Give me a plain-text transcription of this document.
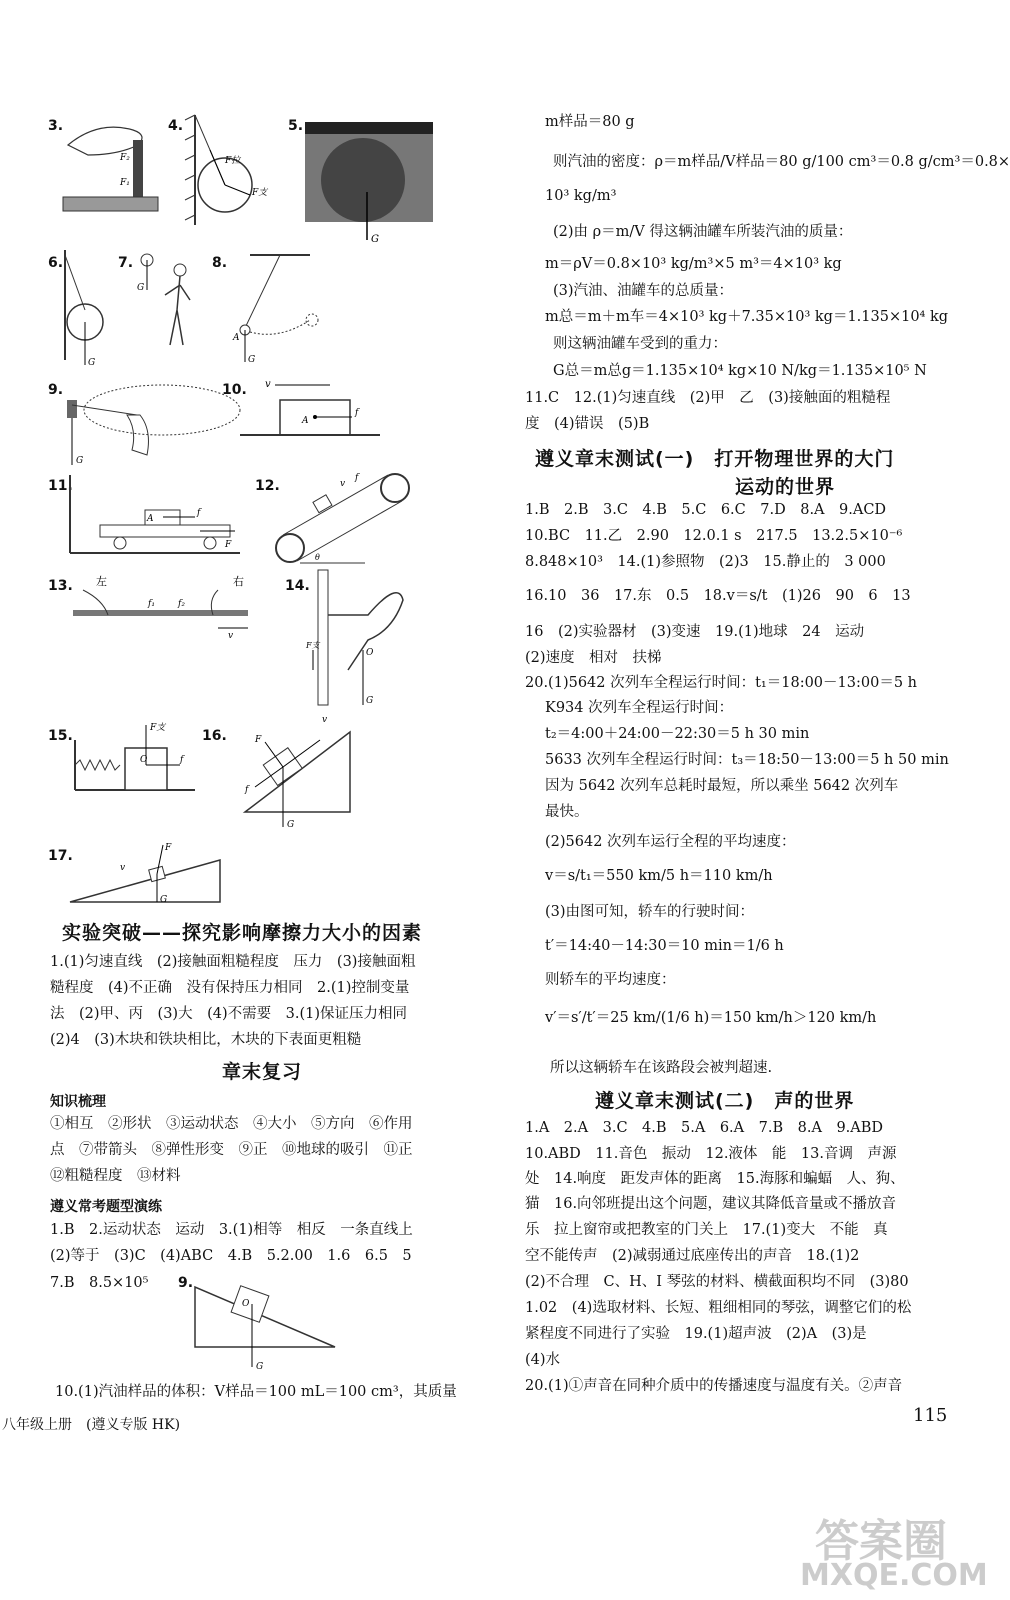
3.
F₂
F₁
4.
F拉
F支
5.
G
6.
G
7.
G
8.
A
G
9.
G
10. v
A
f
11.
A
f
F
12.	v
f
θ
13. 左	右
f₁	f₂
v
14.
F支
O
G
15.	F支
O	f
16.	F
v
f
G
17.
v
F
G
实验突破——探究影响摩擦力大小的因素
1.(1)匀速直线　(2)接触面粗糙程度　压力　(3)接触面粗
糙程度　(4)不正确　没有保持压力相同　2.(1)控制变量
法　(2)甲、丙　(3)大　(4)不需要　3.(1)保证压力相同
(2)4　(3)木块和铁块相比，木块的下表面更粗糙
章末复习
知识梳理
①相互　②形状　③运动状态　④大小　⑤方向　⑥作用
点　⑦带箭头　⑧弹性形变　⑨正　⑩地球的吸引　⑪正
⑫粗糙程度　⑬材料
遵义常考题型演练
1.B　2.运动状态　运动　3.(1)相等　相反　一条直线上
(2)等于　(3)C　(4)ABC　4.B　5.2.00　1.6　6.5　5
7.B　8.5×10⁵ 9.
O
G
10.(1)汽油样品的体积：V样品＝100 mL＝100 cm³，其质量
八年级上册　(遵义专版 HK)
m样品＝80 g
则汽油的密度：ρ＝m样品/V样品＝80 g/100 cm³＝0.8 g/cm³＝0.8×
10³ kg/m³
(2)由 ρ＝m/V 得这辆油罐车所装汽油的质量：
m＝ρV＝0.8×10³ kg/m³×5 m³＝4×10³ kg
(3)汽油、油罐车的总质量：
m总＝m＋m车＝4×10³ kg＋7.35×10³ kg＝1.135×10⁴ kg
则这辆油罐车受到的重力：
G总＝m总g＝1.135×10⁴ kg×10 N/kg＝1.135×10⁵ N
11.C　12.(1)匀速直线　(2)甲　乙　(3)接触面的粗糙程
度　(4)错误　(5)B
遵义章末测试(一)　打开物理世界的大门
运动的世界
1.B　2.B　3.C　4.B　5.C　6.C　7.D　8.A　9.ACD
10.BC　11.乙　2.90　12.0.1 s　217.5　13.2.5×10⁻⁶
8.848×10³　14.(1)参照物　(2)3　15.静止的　3 000
16.10　36　17.东　0.5　18.v＝s/t　(1)26　90　6　13
16　(2)实验器材　(3)变速　19.(1)地球　24　运动
(2)速度　相对　扶梯
20.(1)5642 次列车全程运行时间：t₁＝18:00－13:00＝5 h
K934 次列车全程运行时间：
t₂＝4:00＋24:00－22:30＝5 h 30 min
5633 次列车全程运行时间：t₃＝18:50－13:00＝5 h 50 min
因为 5642 次列车总耗时最短，所以乘坐 5642 次列车
最快。
(2)5642 次列车运行全程的平均速度：
v＝s/t₁＝550 km/5 h＝110 km/h
(3)由图可知，轿车的行驶时间：
t′＝14:40－14:30＝10 min＝1/6 h
则轿车的平均速度：
v′＝s′/t′＝25 km/(1/6 h)＝150 km/h＞120 km/h
所以这辆轿车在该路段会被判超速.
遵义章末测试(二)　声的世界
1.A　2.A　3.C　4.B　5.A　6.A　7.B　8.A　9.ABD
10.ABD　11.音色　振动　12.液体　能　13.音调　声源
处　14.响度　距发声体的距离　15.海豚和蝙蝠　人、狗、
猫　16.向邻班提出这个问题，建议其降低音量或不播放音
乐　拉上窗帘或把教室的门关上　17.(1)变大　不能　真
空不能传声　(2)减弱通过底座传出的声音　18.(1)2
(2)不合理　C、H、I 琴弦的材料、横截面积均不同　(3)80
1.02　(4)选取材料、长短、粗细相同的琴弦，调整它们的松
紧程度不同进行了实验　19.(1)超声波　(2)A　(3)是
(4)水
20.(1)①声音在同种介质中的传播速度与温度有关。②声音
115
答案圈
MXQE.COM
